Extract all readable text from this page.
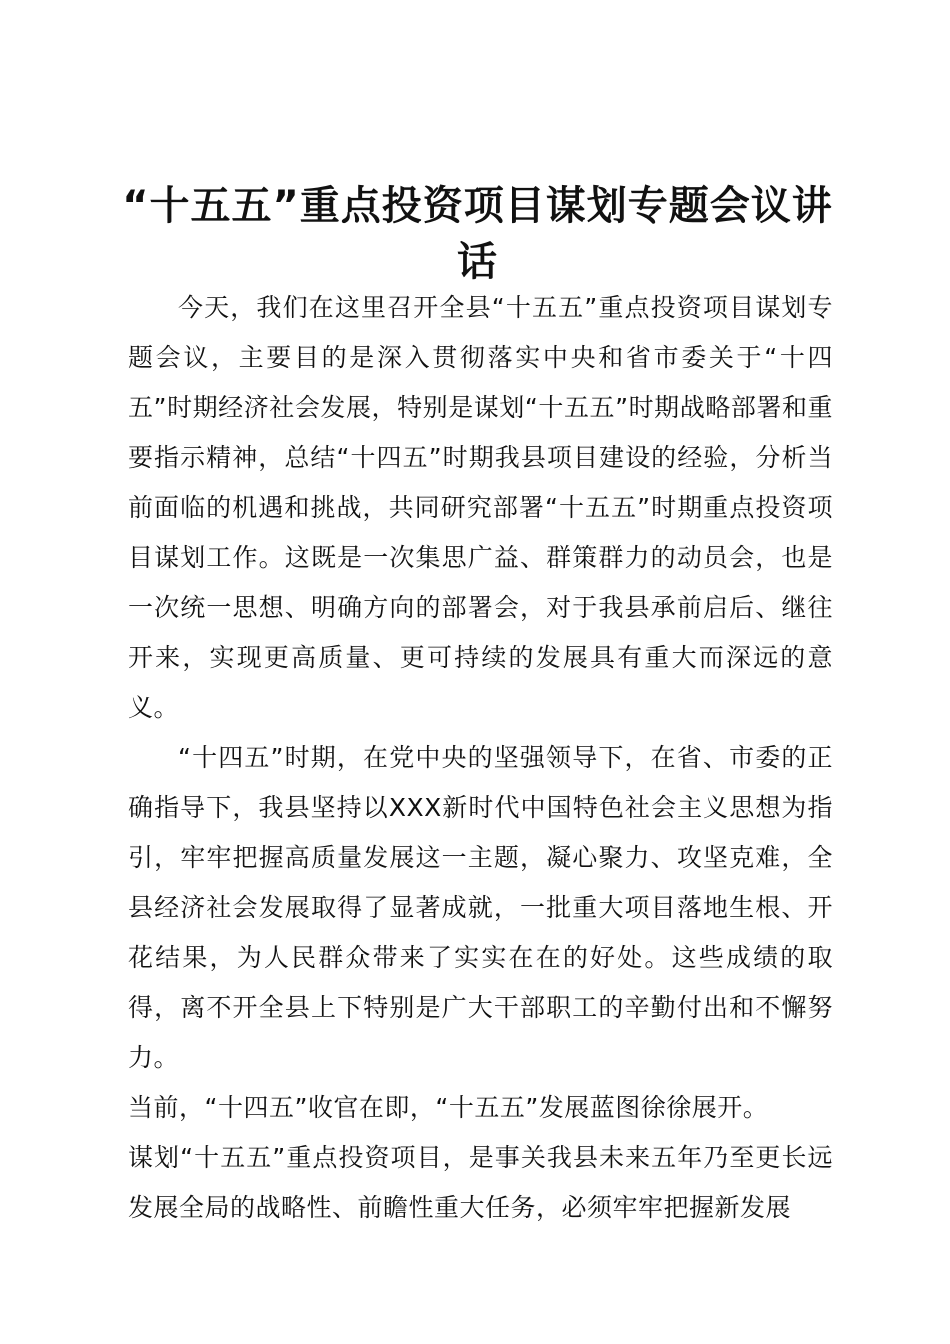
“十五五”重点投资项目谋划专题会议讲话

今天，我们在这里召开全县“十五五”重点投资项目谋划专题会议，主要目的是深入贯彻落实中央和省市委关于“十四五”时期经济社会发展，特别是谋划“十五五”时期战略部署和重要指示精神，总结“十四五”时期我县项目建设的经验，分析当前面临的机遇和挑战，共同研究部署“十五五”时期重点投资项目谋划工作。这既是一次集思广益、群策群力的动员会，也是一次统一思想、明确方向的部署会，对于我县承前启后、继往开来，实现更高质量、更可持续的发展具有重大而深远的意义。

“十四五”时期，在党中央的坚强领导下，在省、市委的正确指导下，我县坚持以XXX新时代中国特色社会主义思想为指引，牢牢把握高质量发展这一主题，凝心聚力、攻坚克难，全县经济社会发展取得了显著成就，一批重大项目落地生根、开花结果，为人民群众带来了实实在在的好处。这些成绩的取得，离不开全县上下特别是广大干部职工的辛勤付出和不懈努力。

当前，“十四五”收官在即，“十五五”发展蓝图徐徐展开。

谋划“十五五”重点投资项目，是事关我县未来五年乃至更长远发展全局的战略性、前瞻性重大任务，必须牢牢把握新发展
